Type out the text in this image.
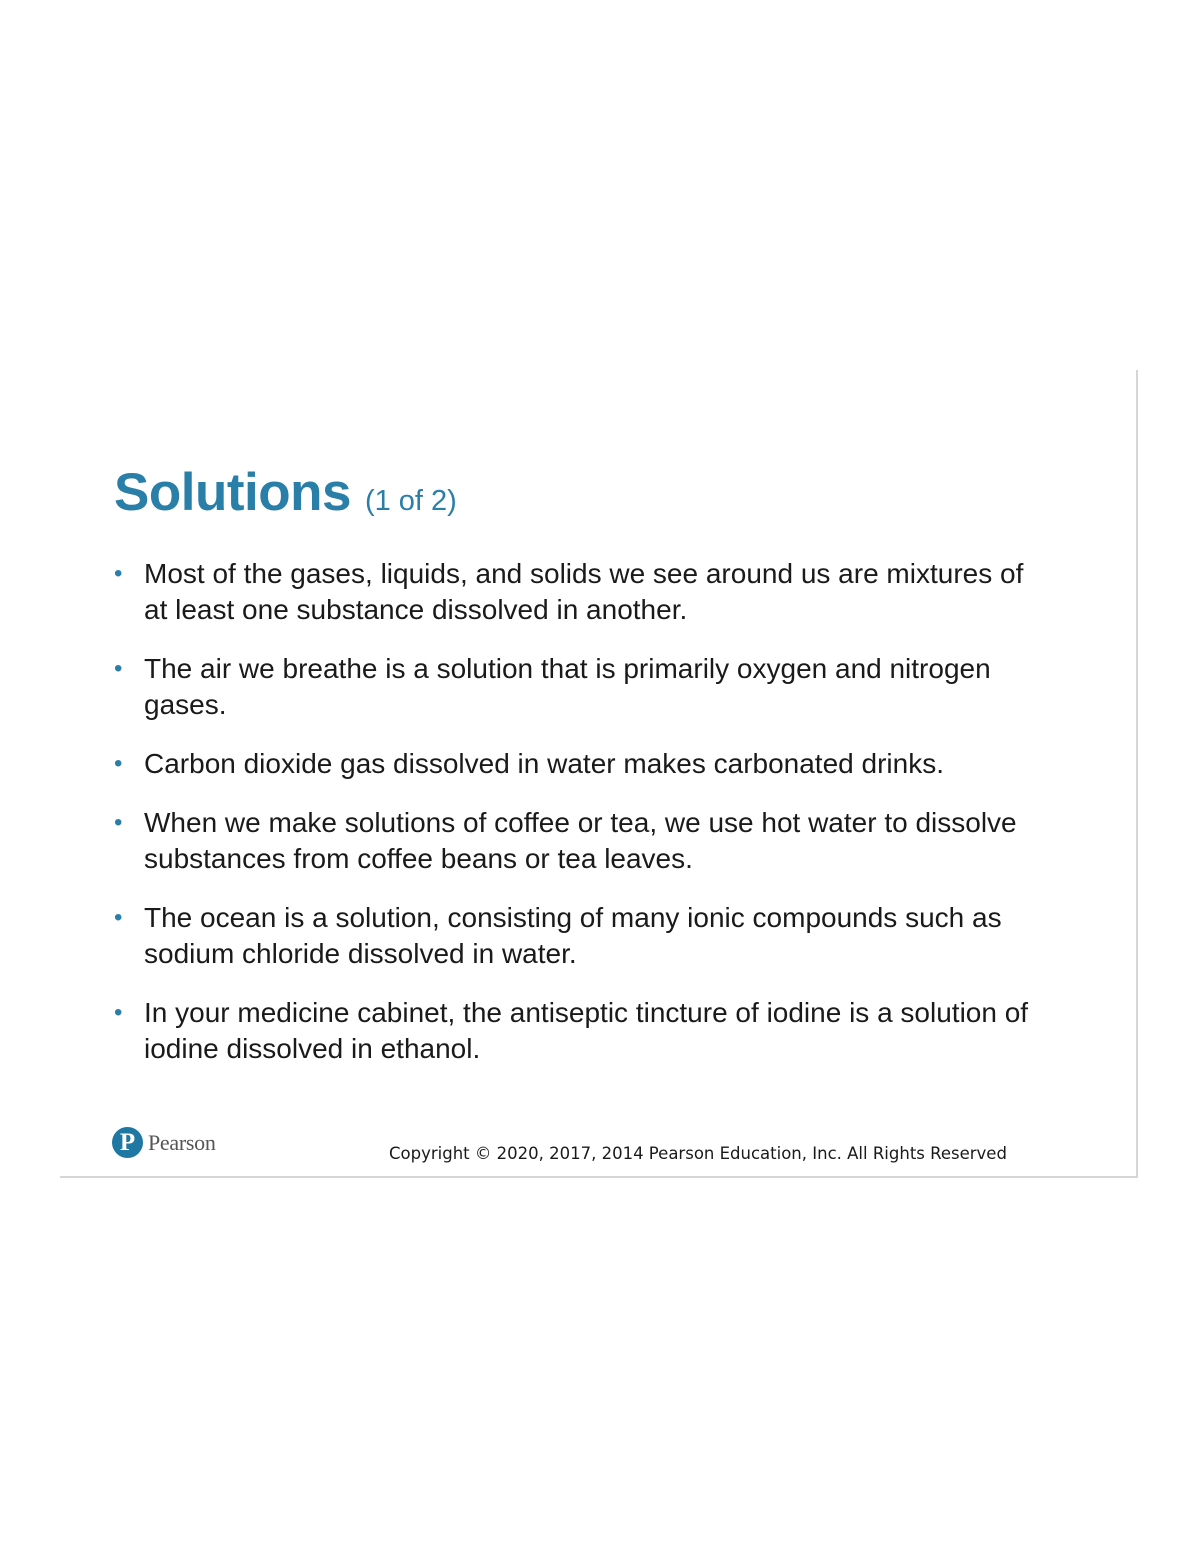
Solutions (1 of 2)
• Most of the gases, liquids, and solids we see around us are mixtures of at least one substance dissolved in another.
• The air we breathe is a solution that is primarily oxygen and nitrogen gases.
• Carbon dioxide gas dissolved in water makes carbonated drinks.
• When we make solutions of coffee or tea, we use hot water to dissolve substances from coffee beans or tea leaves.
• The ocean is a solution, consisting of many ionic compounds such as sodium chloride dissolved in water.
• In your medicine cabinet, the antiseptic tincture of iodine is a solution of iodine dissolved in ethanol.
P Pearson	Copyright © 2020, 2017, 2014 Pearson Education, Inc. All Rights Reserved
